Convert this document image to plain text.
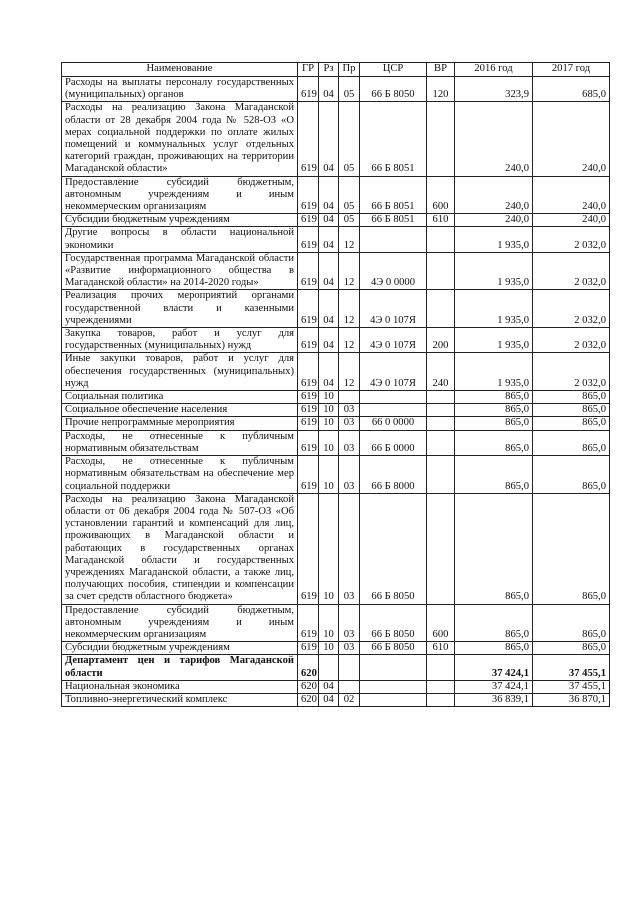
Наименование	ГР	Рз	Пр	ЦСР	ВР	2016 год	2017 год
Расходы на выплаты персоналу государственных (муниципальных) органов	619	04	05	66 Б 8050	120	323,9	685,0
Расходы на реализацию Закона Магаданской области от 28 декабря 2004 года № 528-ОЗ «О мерах социальной поддержки по оплате жилых помещений и коммунальных услуг отдельных категорий граждан, проживающих на территории Магаданской области»	619	04	05	66 Б 8051		240,0	240,0
Предоставление субсидий бюджетным, автономным учреждениям и иным некоммерческим организациям	619	04	05	66 Б 8051	600	240,0	240,0
Субсидии бюджетным учреждениям	619	04	05	66 Б 8051	610	240,0	240,0
Другие вопросы в области национальной экономики	619	04	12			1 935,0	2 032,0
Государственная программа Магаданской области «Развитие информационного общества в Магаданской области» на 2014-2020 годы»	619	04	12	4Э 0 0000		1 935,0	2 032,0
Реализация прочих мероприятий органами государственной власти и казенными учреждениями	619	04	12	4Э 0 107Я		1 935,0	2 032,0
Закупка товаров, работ и услуг для государственных (муниципальных) нужд	619	04	12	4Э 0 107Я	200	1 935,0	2 032,0
Иные закупки товаров, работ и услуг для обеспечения государственных (муниципальных) нужд	619	04	12	4Э 0 107Я	240	1 935,0	2 032,0
Социальная политика	619	10				865,0	865,0
Социальное обеспечение населения	619	10	03			865,0	865,0
Прочие непрограммные мероприятия	619	10	03	66 0 0000		865,0	865,0
Расходы, не отнесенные к публичным нормативным обязательствам	619	10	03	66 Б 0000		865,0	865,0
Расходы, не отнесенные к публичным нормативным обязательствам на обеспечение мер социальной поддержки	619	10	03	66 Б 8000		865,0	865,0
Расходы на реализацию Закона Магаданской области от 06 декабря 2004 года № 507-ОЗ «Об установлении гарантий и компенсаций для лиц, проживающих в Магаданской области и работающих в государственных органах Магаданской области и государственных учреждениях Магаданской области, а также лиц, получающих пособия, стипендии и компенсации за счет средств областного бюджета»	619	10	03	66 Б 8050		865,0	865,0
Предоставление субсидий бюджетным, автономным учреждениям и иным некоммерческим организациям	619	10	03	66 Б 8050	600	865,0	865,0
Субсидии бюджетным учреждениям	619	10	03	66 Б 8050	610	865,0	865,0
Департамент цен и тарифов Магаданской области	620					37 424,1	37 455,1
Национальная экономика	620	04				37 424,1	37 455,1
Топливно-энергетический комплекс	620	04	02			36 839,1	36 870,1
